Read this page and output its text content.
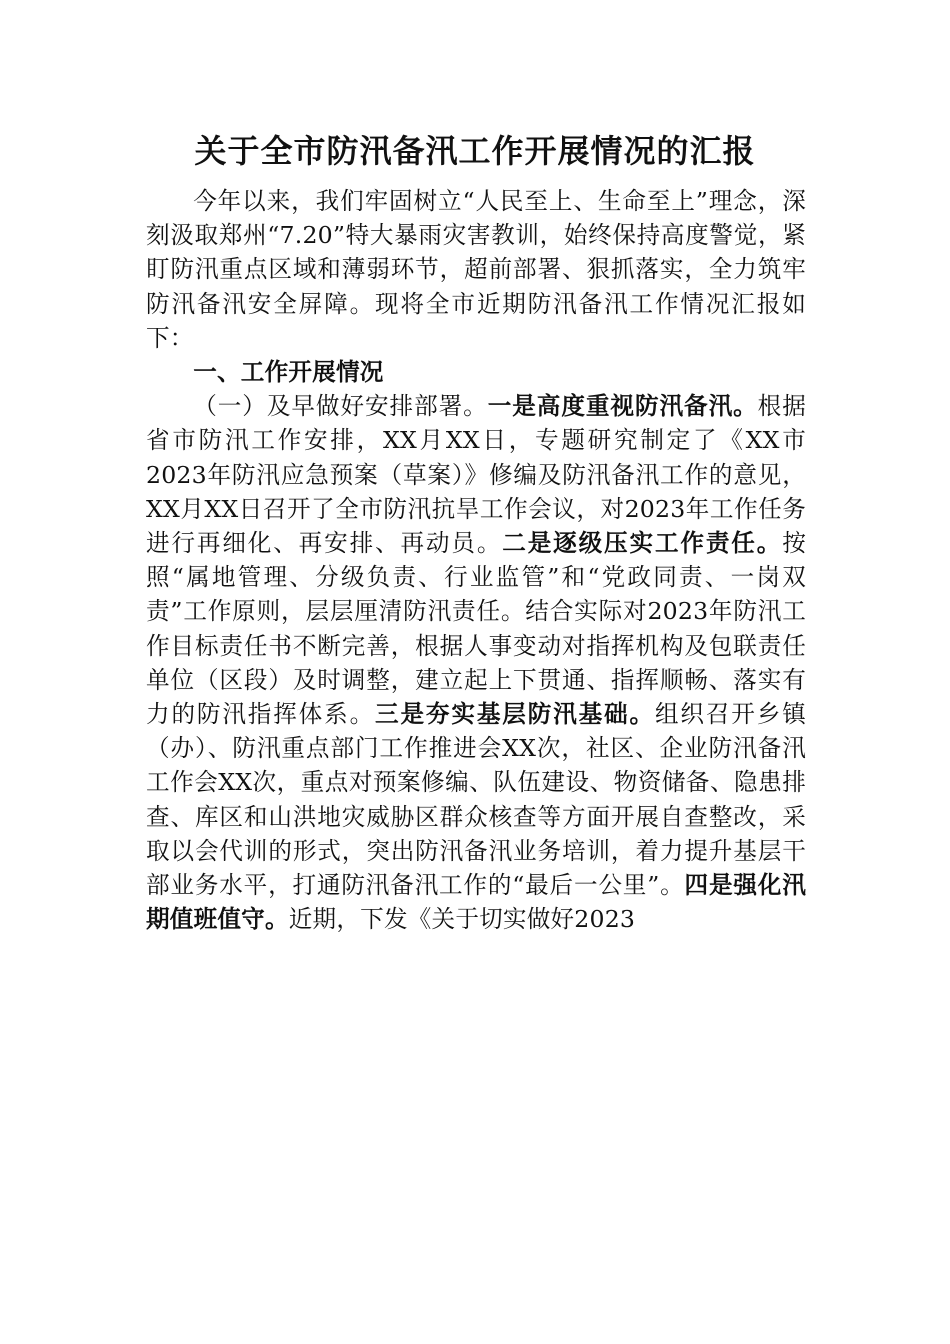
关于全市防汛备汛工作开展情况的汇报

今年以来，我们牢固树立“人民至上、生命至上”理念，深刻汲取郑州“7.20”特大暴雨灾害教训，始终保持高度警觉，紧盯防汛重点区域和薄弱环节，超前部署、狠抓落实，全力筑牢防汛备汛安全屏障。现将全市近期防汛备汛工作情况汇报如下：

一、工作开展情况

（一）及早做好安排部署。一是高度重视防汛备汛。根据省市防汛工作安排，XX月XX日，专题研究制定了《XX市2023年防汛应急预案（草案）》修编及防汛备汛工作的意见，XX月XX日召开了全市防汛抗旱工作会议，对2023年工作任务进行再细化、再安排、再动员。二是逐级压实工作责任。按照“属地管理、分级负责、行业监管”和“党政同责、一岗双责”工作原则，层层厘清防汛责任。结合实际对2023年防汛工作目标责任书不断完善，根据人事变动对指挥机构及包联责任单位（区段）及时调整，建立起上下贯通、指挥顺畅、落实有力的防汛指挥体系。三是夯实基层防汛基础。组织召开乡镇（办）、防汛重点部门工作推进会XX次，社区、企业防汛备汛工作会XX次，重点对预案修编、队伍建设、物资储备、隐患排查、库区和山洪地灾威胁区群众核查等方面开展自查整改，采取以会代训的形式，突出防汛备汛业务培训，着力提升基层干部业务水平，打通防汛备汛工作的“最后一公里”。四是强化汛期值班值守。近期，下发《关于切实做好2023
